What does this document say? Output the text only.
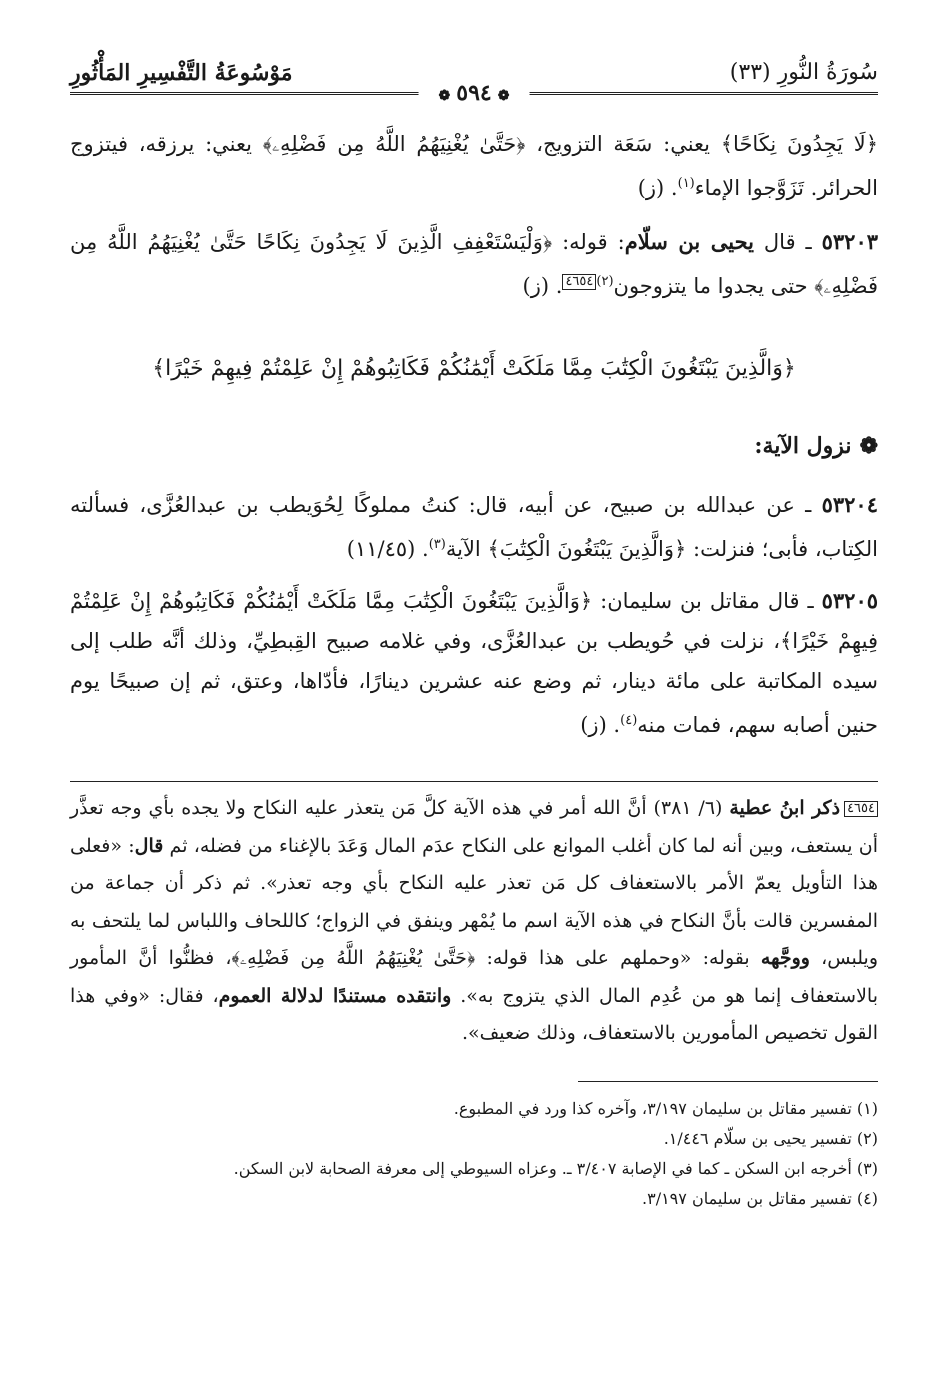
سُورَةُ النُّورِ (٣٣)
مَوْسُوعَةُ التَّفْسِيرِ المَأْثُورِ
❁٥٩٤❁

﴿لَا يَجِدُونَ نِكَاحًا﴾ يعني: سَعَة التزويج، ﴿حَتَّىٰ يُغْنِيَهُمُ اللَّهُ مِن فَضْلِهِۦ﴾ يعني: يرزقه، فيتزوج الحرائر. تَزَوَّجوا الإماء$^{(١)}$. (ز)

٥٣٢٠٣ ـ قال يحيى بن سلّام: قوله: ﴿وَلْيَسْتَعْفِفِ الَّذِينَ لَا يَجِدُونَ نِكَاحًا حَتَّىٰ يُغْنِيَهُمُ اللَّهُ مِن فَضْلِهِۦ﴾ حتى يجدوا ما يتزوجون$^{(٢)}$٤٦٥٤. (ز)

﴿وَالَّذِينَ يَبْتَغُونَ الْكِتَٰبَ مِمَّا مَلَكَتْ أَيْمَٰنُكُمْ فَكَاتِبُوهُمْ إِنْ عَلِمْتُمْ فِيهِمْ خَيْرًا﴾
❁نزول الآية:

٥٣٢٠٤ ـ عن عبدالله بن صبيح، عن أبيه، قال: كنتُ مملوكًا لِحُوَيطب بن عبدالعُزَّى، فسألته الكِتاب، فأبى؛ فنزلت: ﴿وَالَّذِينَ يَبْتَغُونَ الْكِتَٰبَ﴾ الآية$^{(٣)}$. (١١/٤٥)

٥٣٢٠٥ ـ قال مقاتل بن سليمان: ﴿وَالَّذِينَ يَبْتَغُونَ الْكِتَٰبَ مِمَّا مَلَكَتْ أَيْمَٰنُكُمْ فَكَاتِبُوهُمْ إِنْ عَلِمْتُمْ فِيهِمْ خَيْرًا﴾، نزلت في حُويطب بن عبدالعُزَّى، وفي غلامه صبيح القِبطِيِّ، وذلك أنَّه طلب إلى سيده المكاتبة على مائة دينار، ثم وضع عنه عشرين دينارًا، فأدّاها، وعتق، ثم إن صبيحًا يوم حنين أصابه سهم، فمات منه$^{(٤)}$. (ز)

٤٦٥٤ذكر ابنُ عطية (٦/ ٣٨١) أنَّ الله أمر في هذه الآية كلَّ مَن يتعذر عليه النكاح ولا يجده بأي وجه تعذَّر أن يستعف، وبين أنه لما كان أغلب الموانع على النكاح عدَم المال وَعَدَ بالإغناء من فضله، ثم قال: «فعلى هذا التأويل يعمّ الأمر بالاستعفاف كل مَن تعذر عليه النكاح بأي وجه تعذر». ثم ذكر أن جماعة من المفسرين قالت بأنَّ النكاح في هذه الآية اسم ما يُمْهر وينفق في الزواج؛ كاللحاف واللباس لما يلتحف به ويلبس، ووجَّهه بقوله: «وحملهم على هذا قوله: ﴿حَتَّىٰ يُغْنِيَهُمُ اللَّهُ مِن فَضْلِهِۦ﴾، فظنُّوا أنَّ المأمور بالاستعفاف إنما هو من عُدِم المال الذي يتزوج به». وانتقده مستندًا لدلالة العموم، فقال: «وفي هذا القول تخصيص المأمورين بالاستعفاف، وذلك ضعيف».

(١) تفسير مقاتل بن سليمان ٣/١٩٧، وآخره كذا ورد في المطبوع.

(٢) تفسير يحيى بن سلّام ١/٤٤٦.

(٣) أخرجه ابن السكن ـ كما في الإصابة ٣/٤٠٧ ـ. وعزاه السيوطي إلى معرفة الصحابة لابن السكن.

(٤) تفسير مقاتل بن سليمان ٣/١٩٧.
